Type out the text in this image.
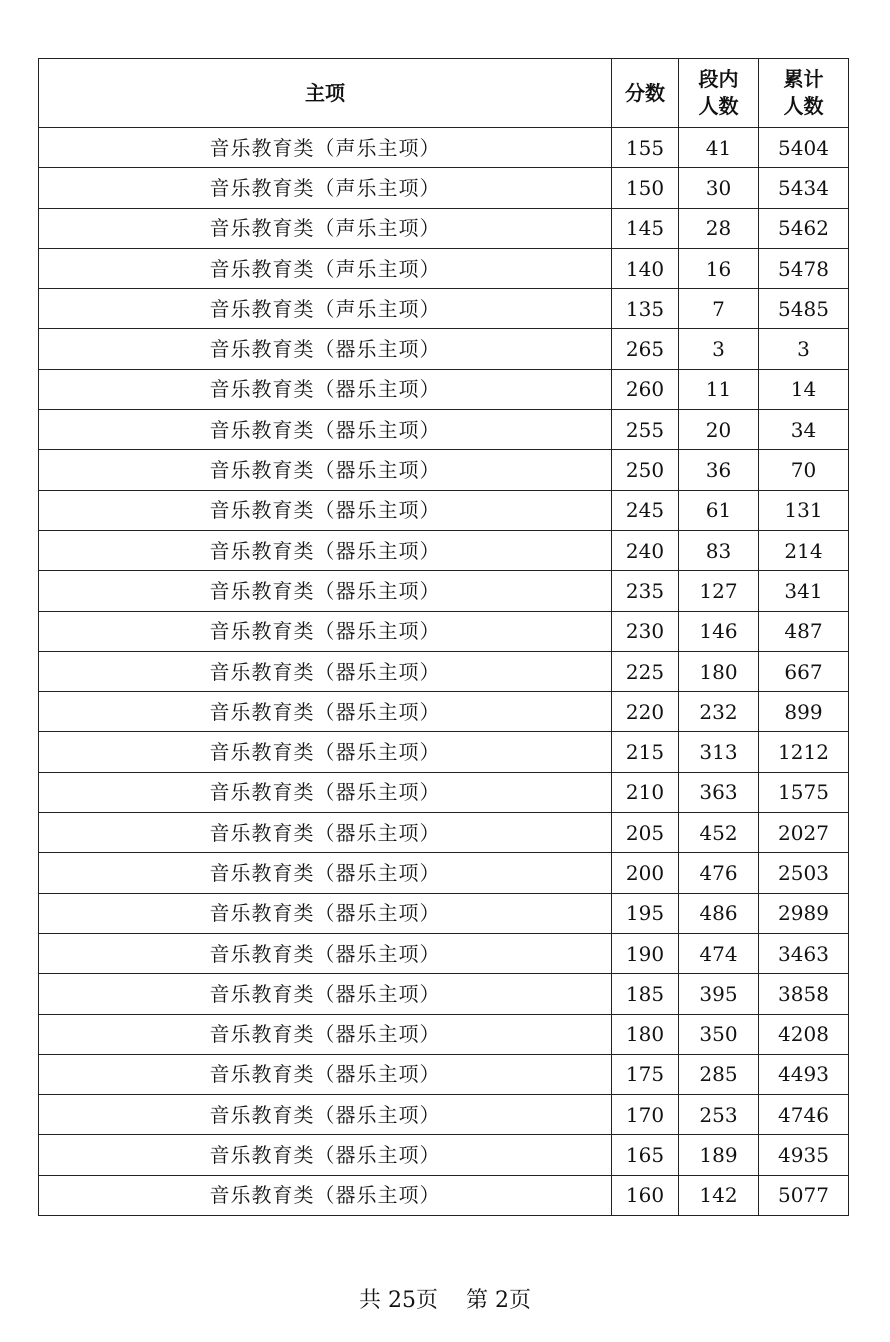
主项	分数	段内人数	累计人数
音乐教育类（声乐主项）	155	41	5404
音乐教育类（声乐主项）	150	30	5434
音乐教育类（声乐主项）	145	28	5462
音乐教育类（声乐主项）	140	16	5478
音乐教育类（声乐主项）	135	7	5485
音乐教育类（器乐主项）	265	3	3
音乐教育类（器乐主项）	260	11	14
音乐教育类（器乐主项）	255	20	34
音乐教育类（器乐主项）	250	36	70
音乐教育类（器乐主项）	245	61	131
音乐教育类（器乐主项）	240	83	214
音乐教育类（器乐主项）	235	127	341
音乐教育类（器乐主项）	230	146	487
音乐教育类（器乐主项）	225	180	667
音乐教育类（器乐主项）	220	232	899
音乐教育类（器乐主项）	215	313	1212
音乐教育类（器乐主项）	210	363	1575
音乐教育类（器乐主项）	205	452	2027
音乐教育类（器乐主项）	200	476	2503
音乐教育类（器乐主项）	195	486	2989
音乐教育类（器乐主项）	190	474	3463
音乐教育类（器乐主项）	185	395	3858
音乐教育类（器乐主项）	180	350	4208
音乐教育类（器乐主项）	175	285	4493
音乐教育类（器乐主项）	170	253	4746
音乐教育类（器乐主项）	165	189	4935
音乐教育类（器乐主项）	160	142	5077
共 25页 第 2页
